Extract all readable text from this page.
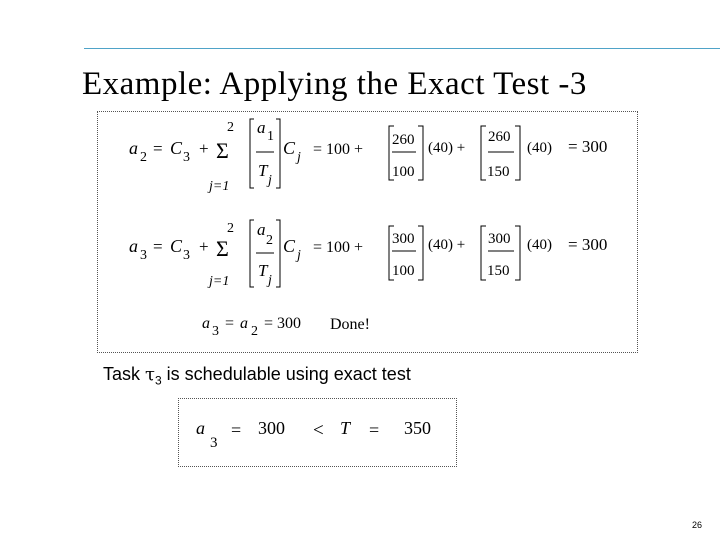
Example: Applying the Exact Test -3
a 2 = C 3 + Σ
2
j=1
a 1
T
j
C j = 100 +
260
100
(40) +
260
150
(40) = 300
a 3 = C 3 + Σ
2
j=1
a
2
T
j
C j = 100 + 300
100
(40) + 300
150
(40) = 300
a 3 = a 2 = 300 Done!
a
3
= 300 < T = 350
Task $\tau_3$ is schedulable using exact test
26
